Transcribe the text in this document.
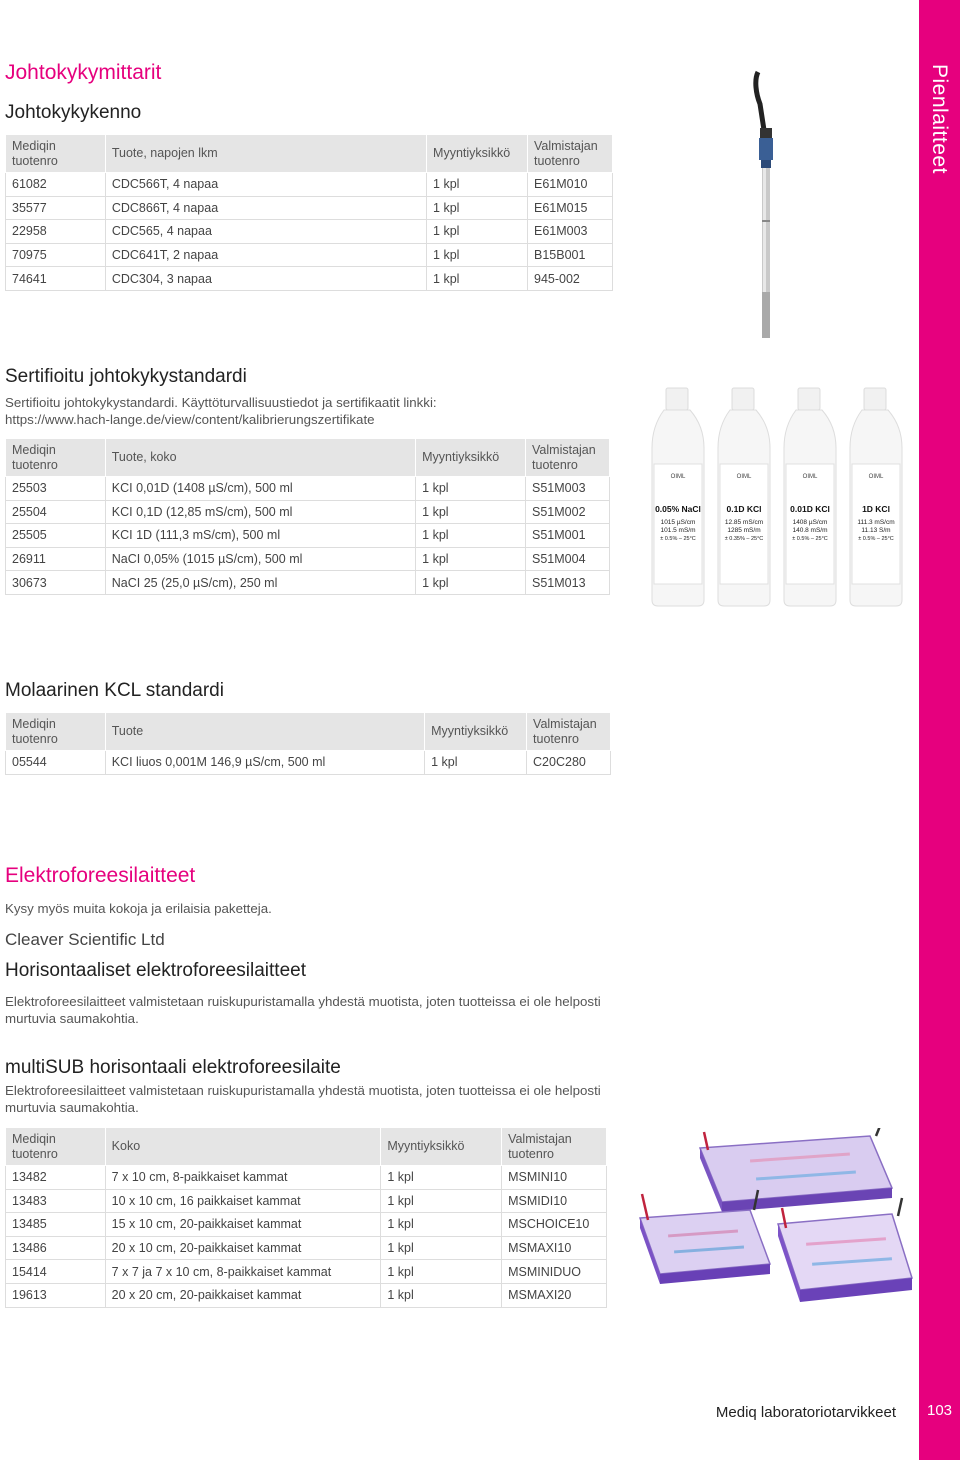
Pienlaitteet
103
Mediq laboratoriotarvikkeet
Johtokykymittarit
Johtokykykenno
Mediqin tuotenro	Tuote, napojen lkm	Myyntiyksikkö	Valmistajan tuotenro
61082	CDC566T, 4 napaa	1 kpl	E61M010
35577	CDC866T, 4 napaa	1 kpl	E61M015
22958	CDC565, 4 napaa	1 kpl	E61M003
70975	CDC641T, 2 napaa	1 kpl	B15B001
74641	CDC304, 3 napaa	1 kpl	945-002
Sertifioitu johtokykystandardi
Sertifioitu johtokykystandardi. Käyttöturvallisuustiedot ja sertifikaatit linkki:
https://www.hach-lange.de/view/content/kalibrierungszertifikate
Mediqin tuotenro	Tuote, koko	Myyntiyksikkö	Valmistajan tuotenro
25503	KCI 0,01D (1408 µS/cm), 500 ml	1 kpl	S51M003
25504	KCI 0,1D (12,85 mS/cm), 500 ml	1 kpl	S51M002
25505	KCI 1D (111,3 mS/cm), 500 ml	1 kpl	S51M001
26911	NaCI 0,05% (1015 µS/cm), 500 ml	1 kpl	S51M004
30673	NaCI 25 (25,0 µS/cm), 250 ml	1 kpl	S51M013
OIML
0.05% NaCl
1015 µS/cm
101.5 mS/m
± 0.5% – 25°C
OIML
0.1D KCl
12.85 mS/cm
1285 mS/m
± 0.35% – 25°C
OIML
0.01D KCl
1408 µS/cm
140.8 mS/m
± 0.5% – 25°C
OIML
1D KCl
111.3 mS/cm
11.13 S/m
± 0.5% – 25°C
Molaarinen KCL standardi
Mediqin tuotenro	Tuote	Myyntiyksikkö	Valmistajan tuotenro
05544	KCI liuos 0,001M 146,9 µS/cm, 500 ml	1 kpl	C20C280
Elektroforeesilaitteet
Kysy myös muita kokoja ja erilaisia paketteja.
Cleaver Scientific Ltd
Horisontaaliset elektroforeesilaitteet
Elektroforeesilaitteet valmistetaan ruiskupuristamalla yhdestä muotista, joten tuotteissa ei ole helposti murtuvia saumakohtia.
multiSUB horisontaali elektroforeesilaite
Elektroforeesilaitteet valmistetaan ruiskupuristamalla yhdestä muotista, joten tuotteissa ei ole helposti murtuvia saumakohtia.
Mediqin tuotenro	Koko	Myyntiyksikkö	Valmistajan tuotenro
13482	7 x 10 cm, 8-paikkaiset kammat	1 kpl	MSMINI10
13483	10 x 10 cm, 16 paikkaiset kammat	1 kpl	MSMIDI10
13485	15 x 10 cm, 20-paikkaiset kammat	1 kpl	MSCHOICE10
13486	20 x 10 cm, 20-paikkaiset kammat	1 kpl	MSMAXI10
15414	7 x 7 ja 7 x 10 cm, 8-paikkaiset kammat	1 kpl	MSMINIDUO
19613	20 x 20 cm, 20-paikkaiset kammat	1 kpl	MSMAXI20
